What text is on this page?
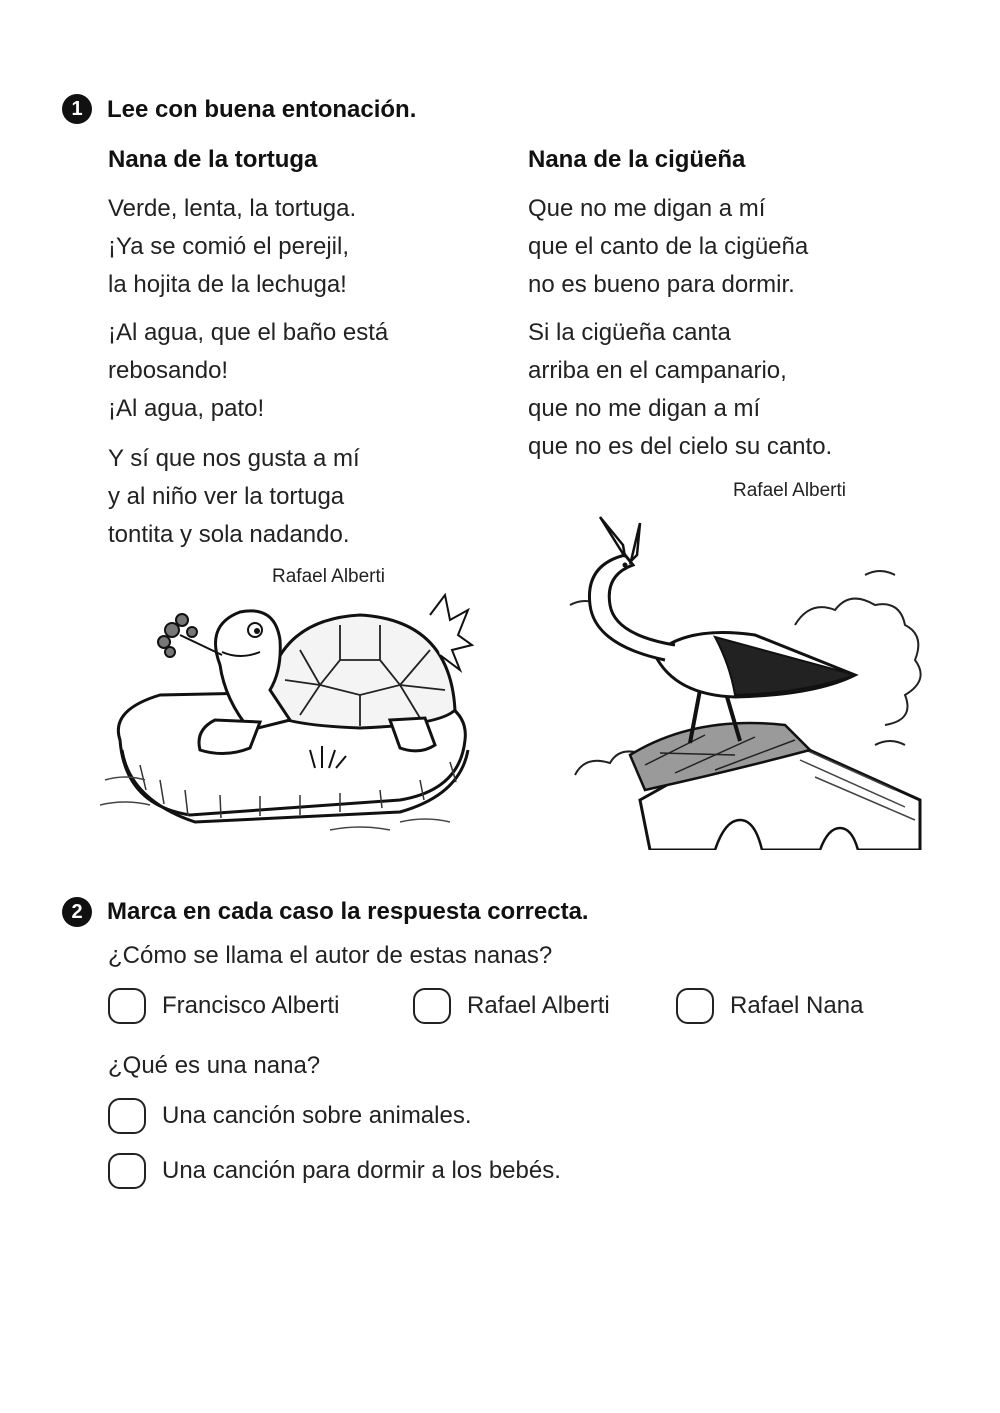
1 Lee con buena entonación.
Nana de la tortuga
Verde, lenta, la tortuga.
¡Ya se comió el perejil,
la hojita de la lechuga!
¡Al agua, que el baño está
rebosando!
¡Al agua, pato!
Y sí que nos gusta a mí
y al niño ver la tortuga
tontita y sola nadando.
Rafael Alberti
Nana de la cigüeña
Que no me digan a mí
que el canto de la cigüeña
no es bueno para dormir.
Si la cigüeña canta
arriba en el campanario,
que no me digan a mí
que no es del cielo su canto.
Rafael Alberti
2 Marca en cada caso la respuesta correcta.
¿Cómo se llama el autor de estas nanas?
Francisco Alberti	Rafael Alberti	Rafael Nana
¿Qué es una nana?
Una canción sobre animales.
Una canción para dormir a los bebés.
